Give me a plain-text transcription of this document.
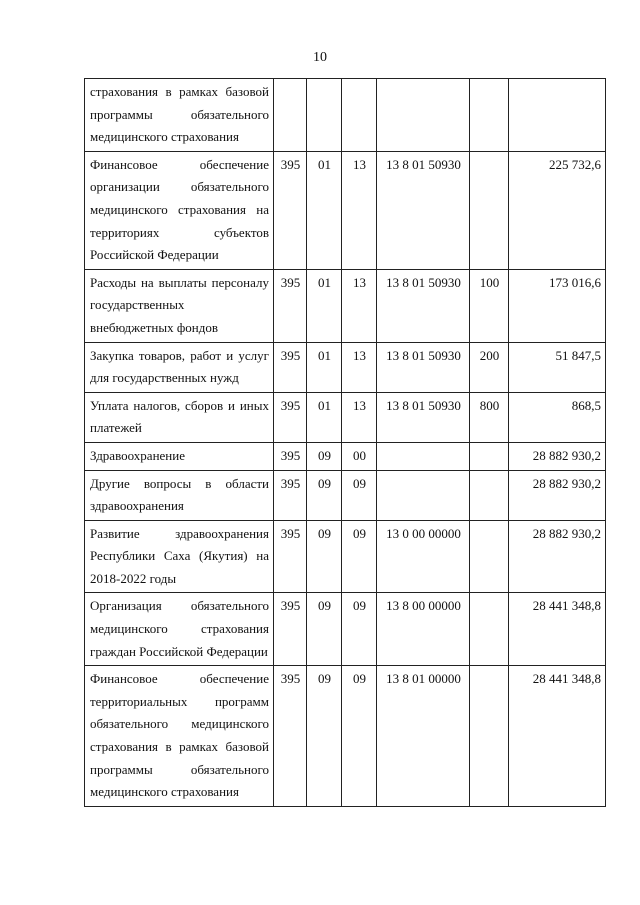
10
страхования в рамках базовой программы обязательного медицинского страхования						
Финансовое обеспечение организации обязательного медицинского страхования на территориях субъектов Российской Федерации	395	01	13	13 8 01 50930		225 732,6
Расходы на выплаты персоналу государственных внебюджетных фондов	395	01	13	13 8 01 50930	100	173 016,6
Закупка товаров, работ и услуг для государственных нужд	395	01	13	13 8 01 50930	200	51 847,5
Уплата налогов, сборов и иных платежей	395	01	13	13 8 01 50930	800	868,5
Здравоохранение	395	09	00			28 882 930,2
Другие вопросы в области здравоохранения	395	09	09			28 882 930,2
Развитие здравоохранения Республики Саха (Якутия) на 2018-2022 годы	395	09	09	13 0 00 00000		28 882 930,2
Организация обязательного медицинского страхования граждан Российской Федерации	395	09	09	13 8 00 00000		28 441 348,8
Финансовое обеспечение территориальных программ обязательного медицинского страхования в рамках базовой программы обязательного медицинского страхования	395	09	09	13 8 01 00000		28 441 348,8
